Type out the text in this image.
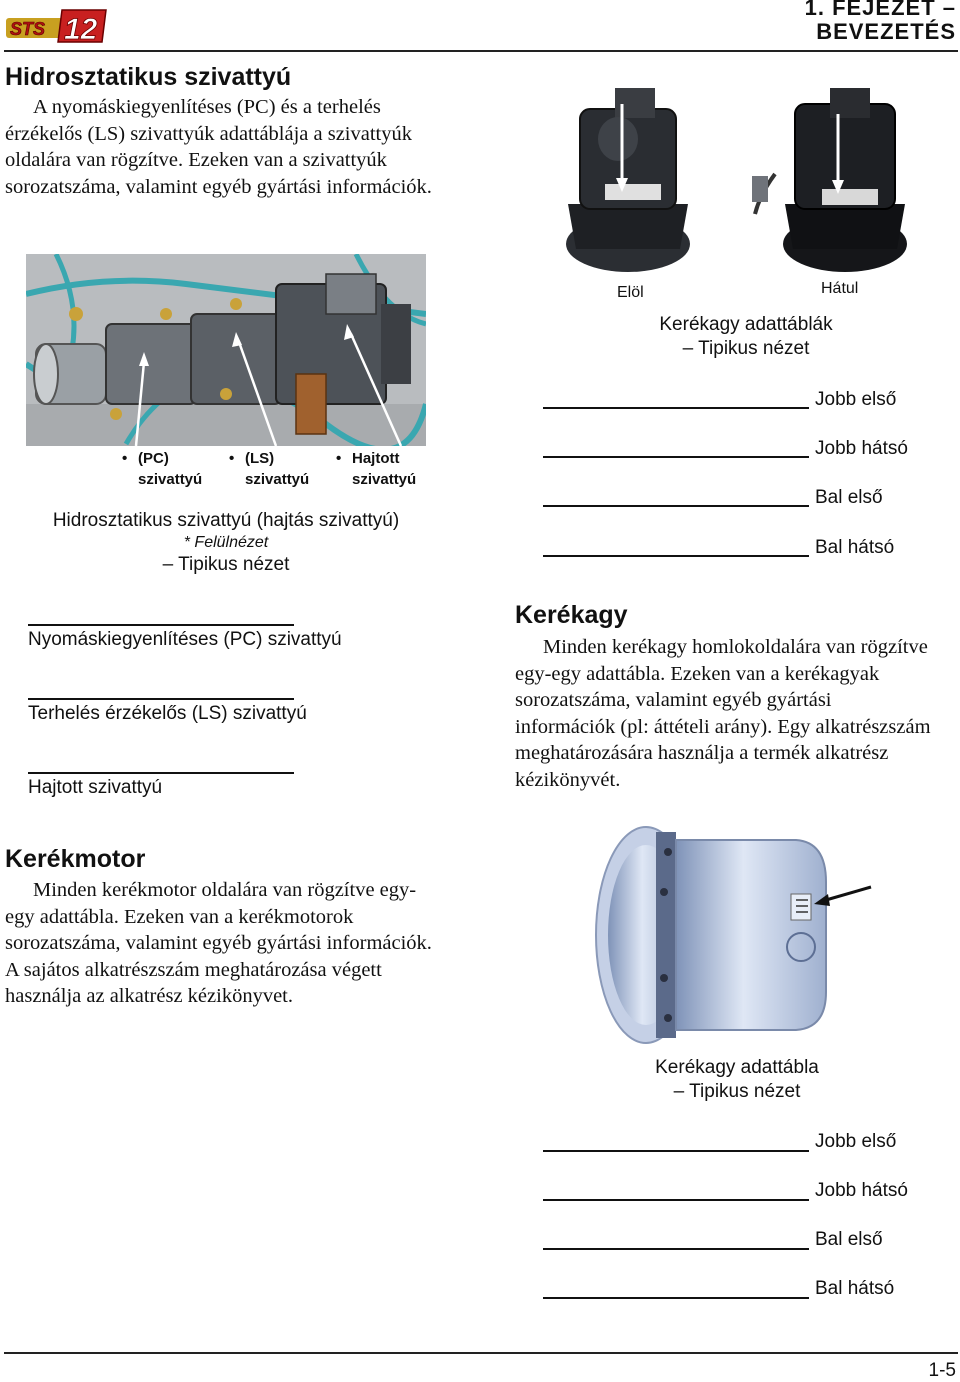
STS 12
1. FEJEZET –
BEVEZETÉS
Hidrosztatikus szivattyú

A nyomáskiegyenlítéses (PC) és a terhelés érzékelős (LS) szivattyúk adattáblája a szivattyúk oldalára van rögzítve. Ezeken van a szivattyúk sorozatszáma, valamint egyéb gyártási információk.

• (PC)
szivattyú
• (LS)
szivattyú
• Hajtott
szivattyú
Hidrosztatikus szivattyú (hajtás szivattyú)
* Felülnézet
– Tipikus nézet
Nyomáskiegyenlítéses (PC) szivattyú
Terhelés érzékelős (LS) szivattyú
Hajtott szivattyú
Elöl	Hátul
Kerékagy adattáblák
– Tipikus nézet
Jobb első
Jobb hátsó
Bal első
Bal hátsó
Kerékagy

Minden kerékagy homlokoldalára van rögzítve egy-egy adattábla. Ezeken van a kerékagyak sorozatszáma, valamint egyéb gyártási információk (pl: áttételi arány). Egy alkatrészszám meghatározására használja a termék alkatrész kézikönyvét.

Kerékmotor

Minden kerékmotor oldalára van rögzítve egy-egy adattábla. Ezeken van a kerékmotorok sorozatszáma, valamint egyéb gyártási információk. A sajátos alkatrészszám meghatározása végett használja az alkatrész kézikönyvet.

Kerékagy adattábla
– Tipikus nézet
Jobb első
Jobb hátsó
Bal első
Bal hátsó
1-5
